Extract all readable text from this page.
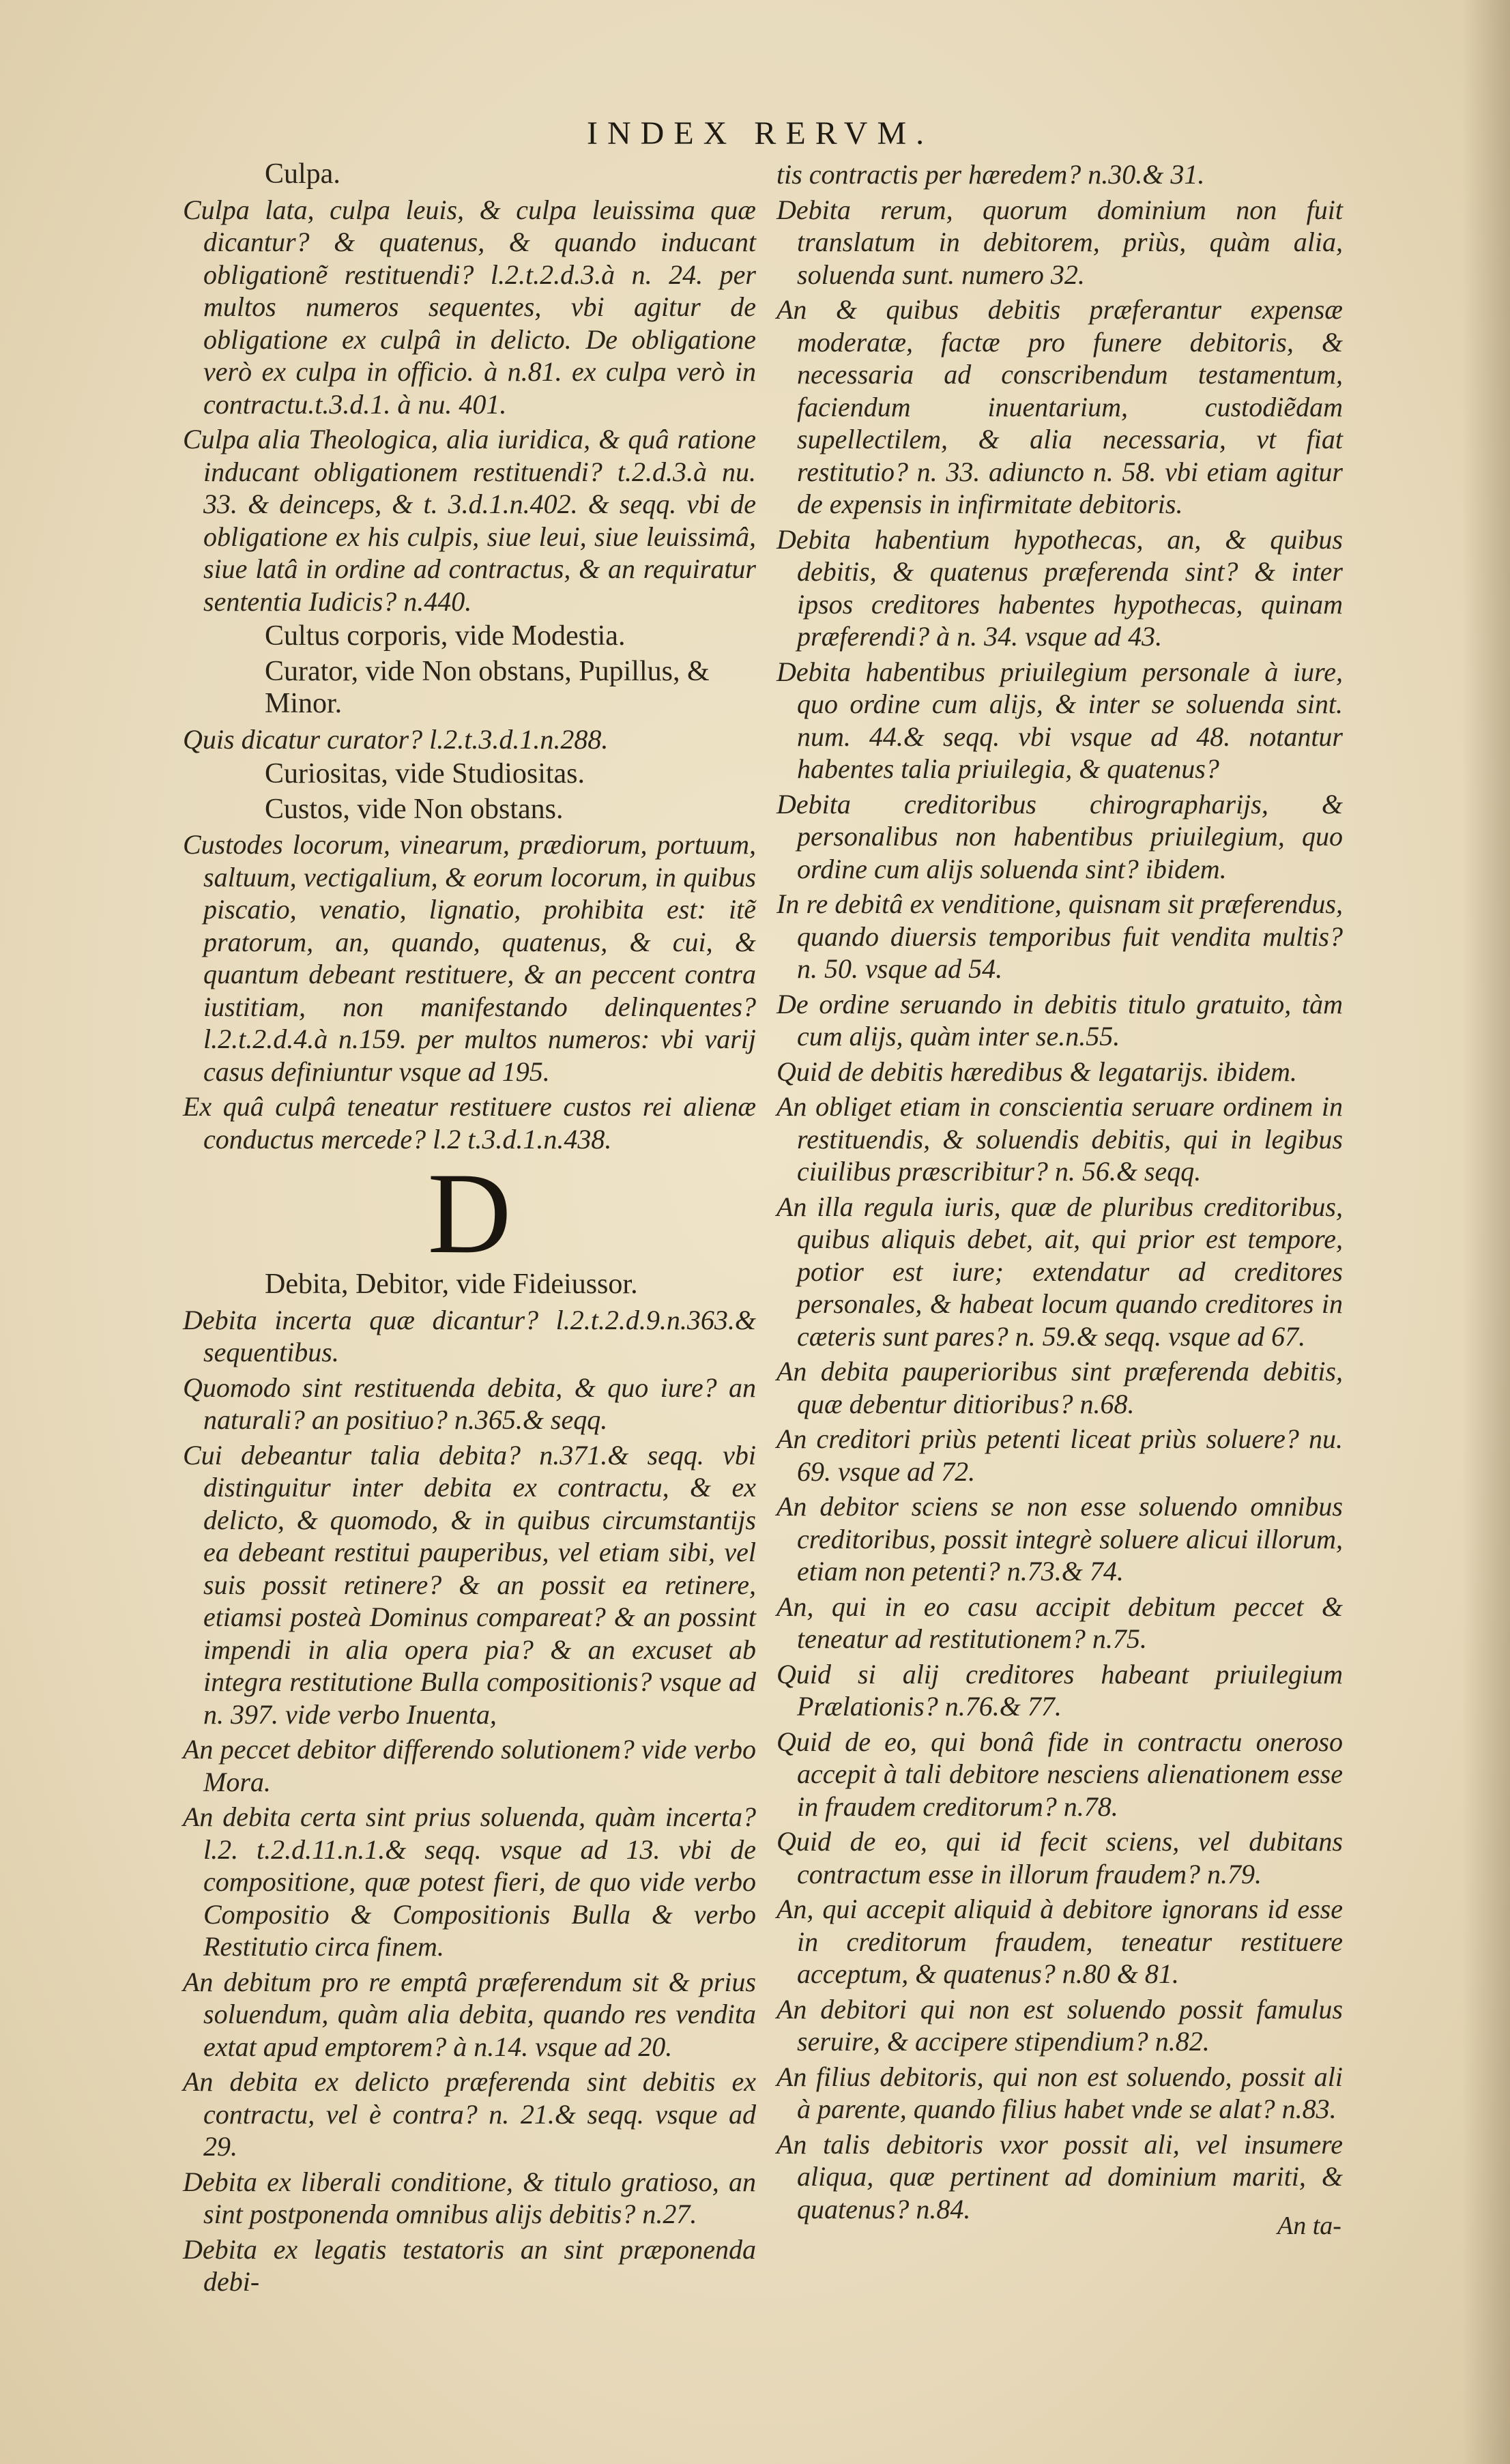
INDEX RERVM.
Culpa.
Culpa lata, culpa leuis, & culpa leuissima quæ dicantur? & quatenus, & quando inducant obligationẽ restituendi? l.2.t.2.d.3.à n. 24. per multos numeros sequentes, vbi agitur de obligatione ex culpâ in delicto. De obligatione verò ex culpa in officio. à n.81. ex culpa verò in contractu.t.3.d.1. à nu. 401.
Culpa alia Theologica, alia iuridica, & quâ ratione inducant obligationem restituendi? t.2.d.3.à nu. 33. & deinceps, & t. 3.d.1.n.402. & seqq. vbi de obligatione ex his culpis, siue leui, siue leuissimâ, siue latâ in ordine ad contractus, & an requiratur sententia Iudicis? n.440.
Cultus corporis, vide Modestia.
Curator, vide Non obstans, Pupillus, & Minor.
Quis dicatur curator? l.2.t.3.d.1.n.288.
Curiositas, vide Studiositas.
Custos, vide Non obstans.
Custodes locorum, vinearum, prædiorum, portuum, saltuum, vectigalium, & eorum locorum, in quibus piscatio, venatio, lignatio, prohibita est: itẽ pratorum, an, quando, quatenus, & cui, & quantum debeant restituere, & an peccent contra iustitiam, non manifestando delinquentes? l.2.t.2.d.4.à n.159. per multos numeros: vbi varij casus definiuntur vsque ad 195.
Ex quâ culpâ teneatur restituere custos rei alienæ conductus mercede? l.2 t.3.d.1.n.438.
D
Debita, Debitor, vide Fideiussor.
Debita incerta quæ dicantur? l.2.t.2.d.9.n.363.& sequentibus.
Quomodo sint restituenda debita, & quo iure? an naturali? an positiuo? n.365.& seqq.
Cui debeantur talia debita? n.371.& seqq. vbi distinguitur inter debita ex contractu, & ex delicto, & quomodo, & in quibus circumstantijs ea debeant restitui pauperibus, vel etiam sibi, vel suis possit retinere? & an possit ea retinere, etiamsi posteà Dominus compareat? & an possint impendi in alia opera pia? & an excuset ab integra restitutione Bulla compositionis? vsque ad n. 397. vide verbo Inuenta,
An peccet debitor differendo solutionem? vide verbo Mora.
An debita certa sint prius soluenda, quàm incerta? l.2. t.2.d.11.n.1.& seqq. vsque ad 13. vbi de compositione, quæ potest fieri, de quo vide verbo Compositio & Compositionis Bulla & verbo Restitutio circa finem.
An debitum pro re emptâ præferendum sit & prius soluendum, quàm alia debita, quando res vendita extat apud emptorem? à n.14. vsque ad 20.
An debita ex delicto præferenda sint debitis ex contractu, vel è contra? n. 21.& seqq. vsque ad 29.
Debita ex liberali conditione, & titulo gratioso, an sint postponenda omnibus alijs debitis? n.27.
Debita ex legatis testatoris an sint præponenda debi-
tis contractis per hæredem? n.30.& 31.
Debita rerum, quorum dominium non fuit translatum in debitorem, priùs, quàm alia, soluenda sunt. numero 32.
An & quibus debitis præferantur expensæ moderatæ, factæ pro funere debitoris, & necessaria ad conscribendum testamentum, faciendum inuentarium, custodiẽdam supellectilem, & alia necessaria, vt fiat restitutio? n. 33. adiuncto n. 58. vbi etiam agitur de expensis in infirmitate debitoris.
Debita habentium hypothecas, an, & quibus debitis, & quatenus præferenda sint? & inter ipsos creditores habentes hypothecas, quinam præferendi? à n. 34. vsque ad 43.
Debita habentibus priuilegium personale à iure, quo ordine cum alijs, & inter se soluenda sint. num. 44.& seqq. vbi vsque ad 48. notantur habentes talia priuilegia, & quatenus?
Debita creditoribus chirographarijs, & personalibus non habentibus priuilegium, quo ordine cum alijs soluenda sint? ibidem.
In re debitâ ex venditione, quisnam sit præferendus, quando diuersis temporibus fuit vendita multis? n. 50. vsque ad 54.
De ordine seruando in debitis titulo gratuito, tàm cum alijs, quàm inter se.n.55.
Quid de debitis hæredibus & legatarijs. ibidem.
An obliget etiam in conscientia seruare ordinem in restituendis, & soluendis debitis, qui in legibus ciuilibus præscribitur? n. 56.& seqq.
An illa regula iuris, quæ de pluribus creditoribus, quibus aliquis debet, ait, qui prior est tempore, potior est iure; extendatur ad creditores personales, & habeat locum quando creditores in cæteris sunt pares? n. 59.& seqq. vsque ad 67.
An debita pauperioribus sint præferenda debitis, quæ debentur ditioribus? n.68.
An creditori priùs petenti liceat priùs soluere? nu. 69. vsque ad 72.
An debitor sciens se non esse soluendo omnibus creditoribus, possit integrè soluere alicui illorum, etiam non petenti? n.73.& 74.
An, qui in eo casu accipit debitum peccet & teneatur ad restitutionem? n.75.
Quid si alij creditores habeant priuilegium Prælationis? n.76.& 77.
Quid de eo, qui bonâ fide in contractu oneroso accepit à tali debitore nesciens alienationem esse in fraudem creditorum? n.78.
Quid de eo, qui id fecit sciens, vel dubitans contractum esse in illorum fraudem? n.79.
An, qui accepit aliquid à debitore ignorans id esse in creditorum fraudem, teneatur restituere acceptum, & quatenus? n.80 & 81.
An debitori qui non est soluendo possit famulus seruire, & accipere stipendium? n.82.
An filius debitoris, qui non est soluendo, possit ali à parente, quando filius habet vnde se alat? n.83.
An talis debitoris vxor possit ali, vel insumere aliqua, quæ pertinent ad dominium mariti, & quatenus? n.84.
An ta-
